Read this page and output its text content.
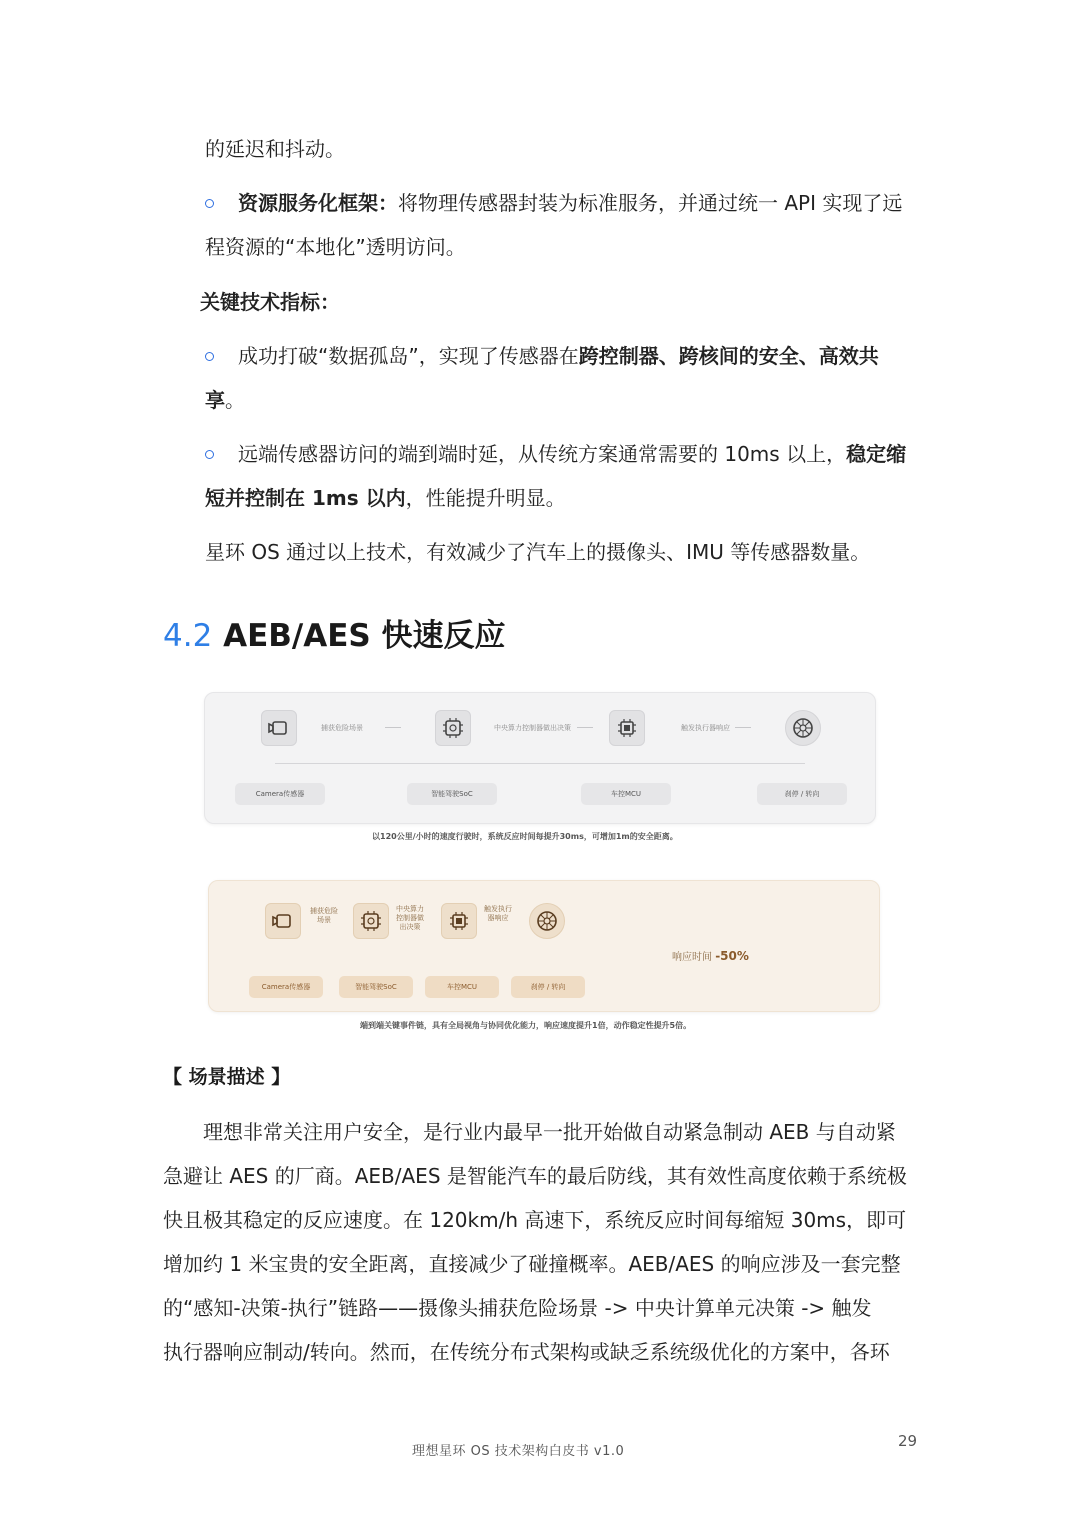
的延迟和抖动。
资源服务化框架：将物理传感器封装为标准服务，并通过统一 API 实现了远
程资源的“本地化”透明访问。
关键技术指标：
成功打破“数据孤岛”，实现了传感器在跨控制器、跨核间的安全、高效共
享。
远端传感器访问的端到端时延，从传统方案通常需要的 10ms 以上，稳定缩
短并控制在 1ms 以内，性能提升明显。
星环 OS 通过以上技术，有效减少了汽车上的摄像头、IMU 等传感器数量。
4.2 AEB/AES 快速反应
捕获危险场景	中央算力控制器做出决策	触发执行器响应
Camera传感器	智能驾驶SoC	车控MCU	刹停 / 转向
以120公里/小时的速度行驶时，系统反应时间每提升30ms，可增加1m的安全距离。
捕获危险场景
中央算力控制器做出决策
触发执行器响应
Camera传感器	智能驾驶SoC	车控MCU	刹停 / 转向
响应时间 -50%
端到端关键事件链，具有全局视角与协同优化能力，响应速度提升1倍，动作稳定性提升5倍。
【 场景描述 】
理想非常关注用户安全，是行业内最早一批开始做自动紧急制动 AEB 与自动紧
急避让 AES 的厂商。AEB/AES 是智能汽车的最后防线，其有效性高度依赖于系统极
快且极其稳定的反应速度。在 120km/h 高速下，系统反应时间每缩短 30ms，即可
增加约 1 米宝贵的安全距离，直接减少了碰撞概率。AEB/AES 的响应涉及一套完整
的“感知-决策-执行”链路——摄像头捕获危险场景 -> 中央计算单元决策 -> 触发
执行器响应制动/转向。然而，在传统分布式架构或缺乏系统级优化的方案中，各环
理想星环 OS 技术架构白皮书 v1.0
29
